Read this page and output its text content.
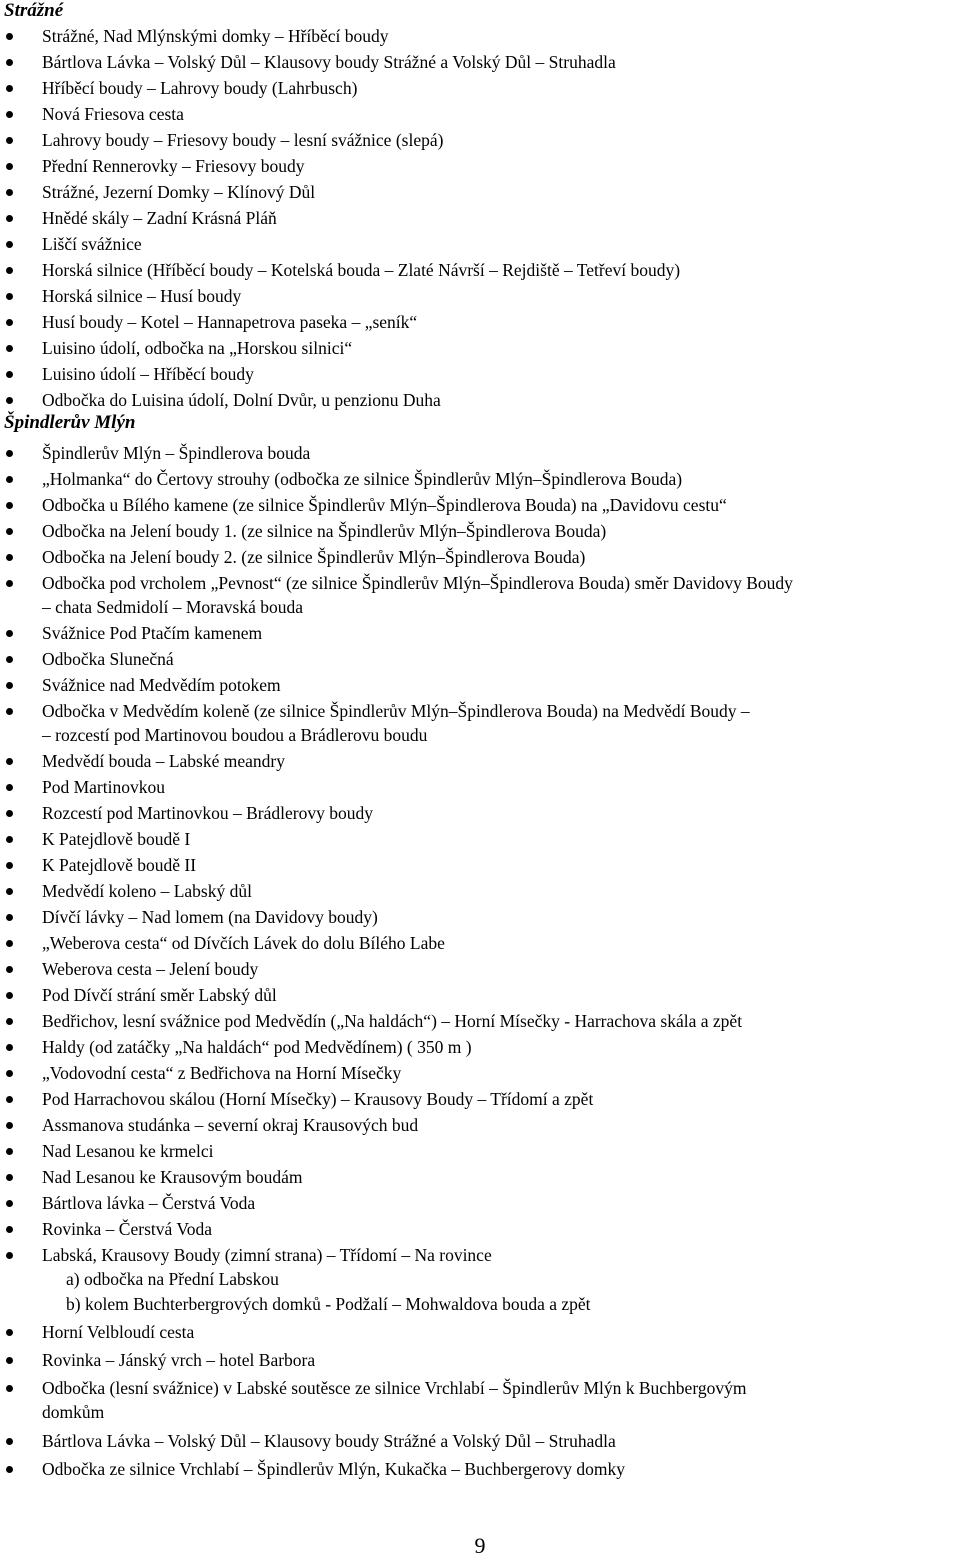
Strážné
Strážné, Nad Mlýnskými domky – Hříběcí boudy
Bártlova Lávka – Volský Důl – Klausovy boudy Strážné a Volský Důl – Struhadla
Hříběcí boudy – Lahrovy boudy (Lahrbusch)
Nová Friesova cesta
Lahrovy boudy – Friesovy boudy – lesní svážnice (slepá)
Přední Rennerovky – Friesovy boudy
Strážné, Jezerní Domky – Klínový Důl
Hnědé skály – Zadní Krásná Pláň
Liščí svážnice
Horská silnice (Hříběcí boudy – Kotelská bouda – Zlaté Návrší – Rejdiště – Tetřeví boudy)
Horská silnice – Husí boudy
Husí boudy – Kotel – Hannapetrova paseka – „seník“
Luisino údolí, odbočka na „Horskou silnici“
Luisino údolí – Hříběcí boudy
Odbočka do Luisina údolí, Dolní Dvůr, u penzionu Duha
Špindlerův Mlýn
Špindlerův Mlýn – Špindlerova bouda
„Holmanka“ do Čertovy strouhy (odbočka ze silnice Špindlerův Mlýn–Špindlerova Bouda)
Odbočka u Bílého kamene (ze silnice Špindlerův Mlýn–Špindlerova Bouda) na „Davidovu cestu“
Odbočka na Jelení boudy 1. (ze silnice na Špindlerův Mlýn–Špindlerova Bouda)
Odbočka na Jelení boudy 2. (ze silnice Špindlerův Mlýn–Špindlerova Bouda)
Odbočka pod vrcholem „Pevnost“ (ze silnice Špindlerův Mlýn–Špindlerova Bouda) směr Davidovy Boudy
– chata Sedmidolí – Moravská bouda
Svážnice Pod Ptačím kamenem
Odbočka Slunečná
Svážnice nad Medvědím potokem
Odbočka v Medvědím koleně (ze silnice Špindlerův Mlýn–Špindlerova Bouda) na Medvědí Boudy –
– rozcestí pod Martinovou boudou a Brádlerovu boudu
Medvědí bouda – Labské meandry
Pod Martinovkou
Rozcestí pod Martinovkou – Brádlerovy boudy
K Patejdlově boudě I
K Patejdlově boudě II
Medvědí koleno – Labský důl
Dívčí lávky – Nad lomem (na Davidovy boudy)
„Weberova cesta“ od Dívčích Lávek do dolu Bílého Labe
Weberova cesta – Jelení boudy
Pod Dívčí strání směr Labský důl
Bedřichov, lesní svážnice pod Medvědín („Na haldách“) – Horní Mísečky - Harrachova skála a zpět
Haldy (od zatáčky „Na haldách“ pod Medvědínem) ( 350 m )
„Vodovodní cesta“ z Bedřichova na Horní Mísečky
Pod Harrachovou skálou (Horní Mísečky) – Krausovy Boudy – Třídomí a zpět
Assmanova studánka – severní okraj Krausových bud
Nad Lesanou ke krmelci
Nad Lesanou ke Krausovým boudám
Bártlova lávka – Čerstvá Voda
Rovinka – Čerstvá Voda
Labská, Krausovy Boudy (zimní strana) – Třídomí – Na rovince
a) odbočka na Přední Labskou
b) kolem Buchterbergrových domků - Podžalí – Mohwaldova bouda a zpět
Horní Velbloudí cesta
Rovinka – Jánský vrch – hotel Barbora
Odbočka (lesní svážnice) v Labské soutěsce ze silnice Vrchlabí – Špindlerův Mlýn k Buchbergovým
domkům
Bártlova Lávka – Volský Důl – Klausovy boudy Strážné a Volský Důl – Struhadla
Odbočka ze silnice Vrchlabí – Špindlerův Mlýn, Kukačka – Buchbergerovy domky
9
